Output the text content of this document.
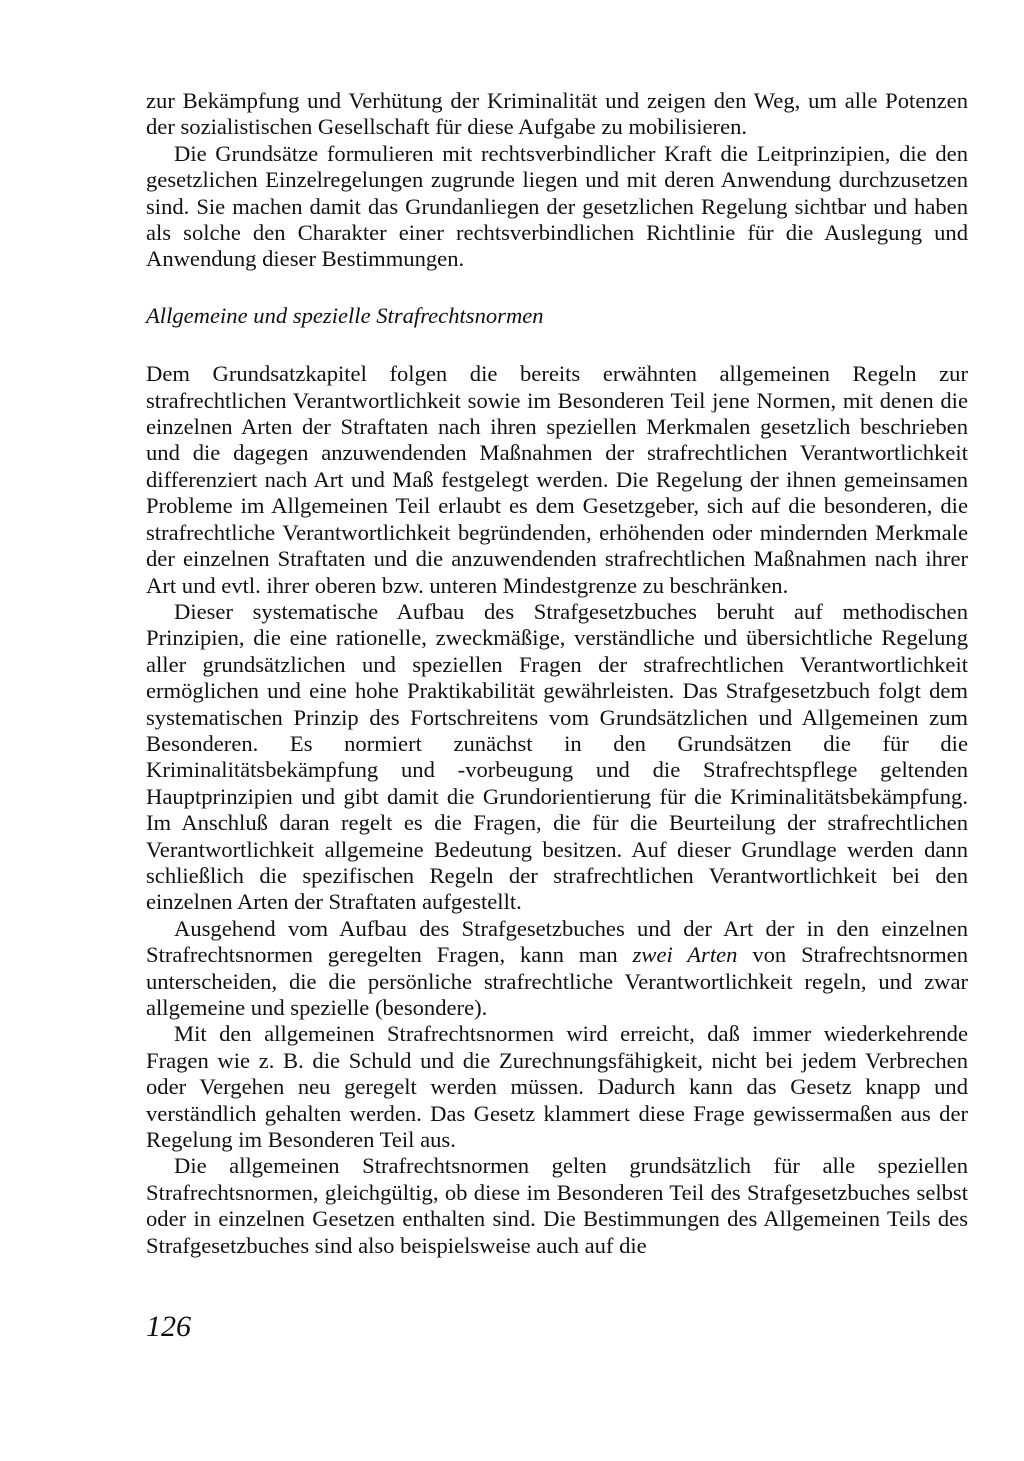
zur Bekämpfung und Verhütung der Kriminalität und zeigen den Weg, um alle Potenzen der sozialistischen Gesellschaft für diese Aufgabe zu mobilisieren.

Die Grundsätze formulieren mit rechtsverbindlicher Kraft die Leitprinzipien, die den gesetzlichen Einzelregelungen zugrunde liegen und mit deren Anwendung durchzusetzen sind. Sie machen damit das Grundanliegen der gesetzlichen Regelung sichtbar und haben als solche den Charakter einer rechtsverbindlichen Richtlinie für die Auslegung und Anwendung dieser Bestimmungen.

Allgemeine und spezielle Strafrechtsnormen

Dem Grundsatzkapitel folgen die bereits erwähnten allgemeinen Regeln zur strafrechtlichen Verantwortlichkeit sowie im Besonderen Teil jene Normen, mit denen die einzelnen Arten der Straftaten nach ihren speziellen Merkmalen gesetzlich beschrieben und die dagegen anzuwendenden Maßnahmen der strafrechtlichen Verantwortlichkeit differenziert nach Art und Maß festgelegt werden. Die Regelung der ihnen gemeinsamen Probleme im Allgemeinen Teil erlaubt es dem Gesetzgeber, sich auf die besonderen, die strafrechtliche Verantwortlichkeit begründenden, erhöhenden oder mindernden Merkmale der einzelnen Straftaten und die anzuwendenden strafrechtlichen Maßnahmen nach ihrer Art und evtl. ihrer oberen bzw. unteren Mindestgrenze zu beschränken.

Dieser systematische Aufbau des Strafgesetzbuches beruht auf methodischen Prinzipien, die eine rationelle, zweckmäßige, verständliche und übersichtliche Regelung aller grundsätzlichen und speziellen Fragen der strafrechtlichen Verantwortlichkeit ermöglichen und eine hohe Praktikabilität gewährleisten. Das Strafgesetzbuch folgt dem systematischen Prinzip des Fortschreitens vom Grundsätzlichen und Allgemeinen zum Besonderen. Es normiert zunächst in den Grundsätzen die für die Kriminalitätsbekämpfung und -vorbeugung und die Strafrechtspflege geltenden Hauptprinzipien und gibt damit die Grundorientierung für die Kriminalitätsbekämpfung. Im Anschluß daran regelt es die Fragen, die für die Beurteilung der strafrechtlichen Verantwortlichkeit allgemeine Bedeutung besitzen. Auf dieser Grundlage werden dann schließlich die spezifischen Regeln der strafrechtlichen Verantwortlichkeit bei den einzelnen Arten der Straftaten aufgestellt.

Ausgehend vom Aufbau des Strafgesetzbuches und der Art der in den einzelnen Strafrechtsnormen geregelten Fragen, kann man zwei Arten von Strafrechtsnormen unterscheiden, die die persönliche strafrechtliche Verantwortlichkeit regeln, und zwar allgemeine und spezielle (besondere).

Mit den allgemeinen Strafrechtsnormen wird erreicht, daß immer wiederkehrende Fragen wie z. B. die Schuld und die Zurechnungsfähigkeit, nicht bei jedem Verbrechen oder Vergehen neu geregelt werden müssen. Dadurch kann das Gesetz knapp und verständlich gehalten werden. Das Gesetz klammert diese Frage gewissermaßen aus der Regelung im Besonderen Teil aus.

Die allgemeinen Strafrechtsnormen gelten grundsätzlich für alle speziellen Strafrechtsnormen, gleichgültig, ob diese im Besonderen Teil des Strafgesetzbuches selbst oder in einzelnen Gesetzen enthalten sind. Die Bestimmungen des Allgemeinen Teils des Strafgesetzbuches sind also beispielsweise auch auf die

126
